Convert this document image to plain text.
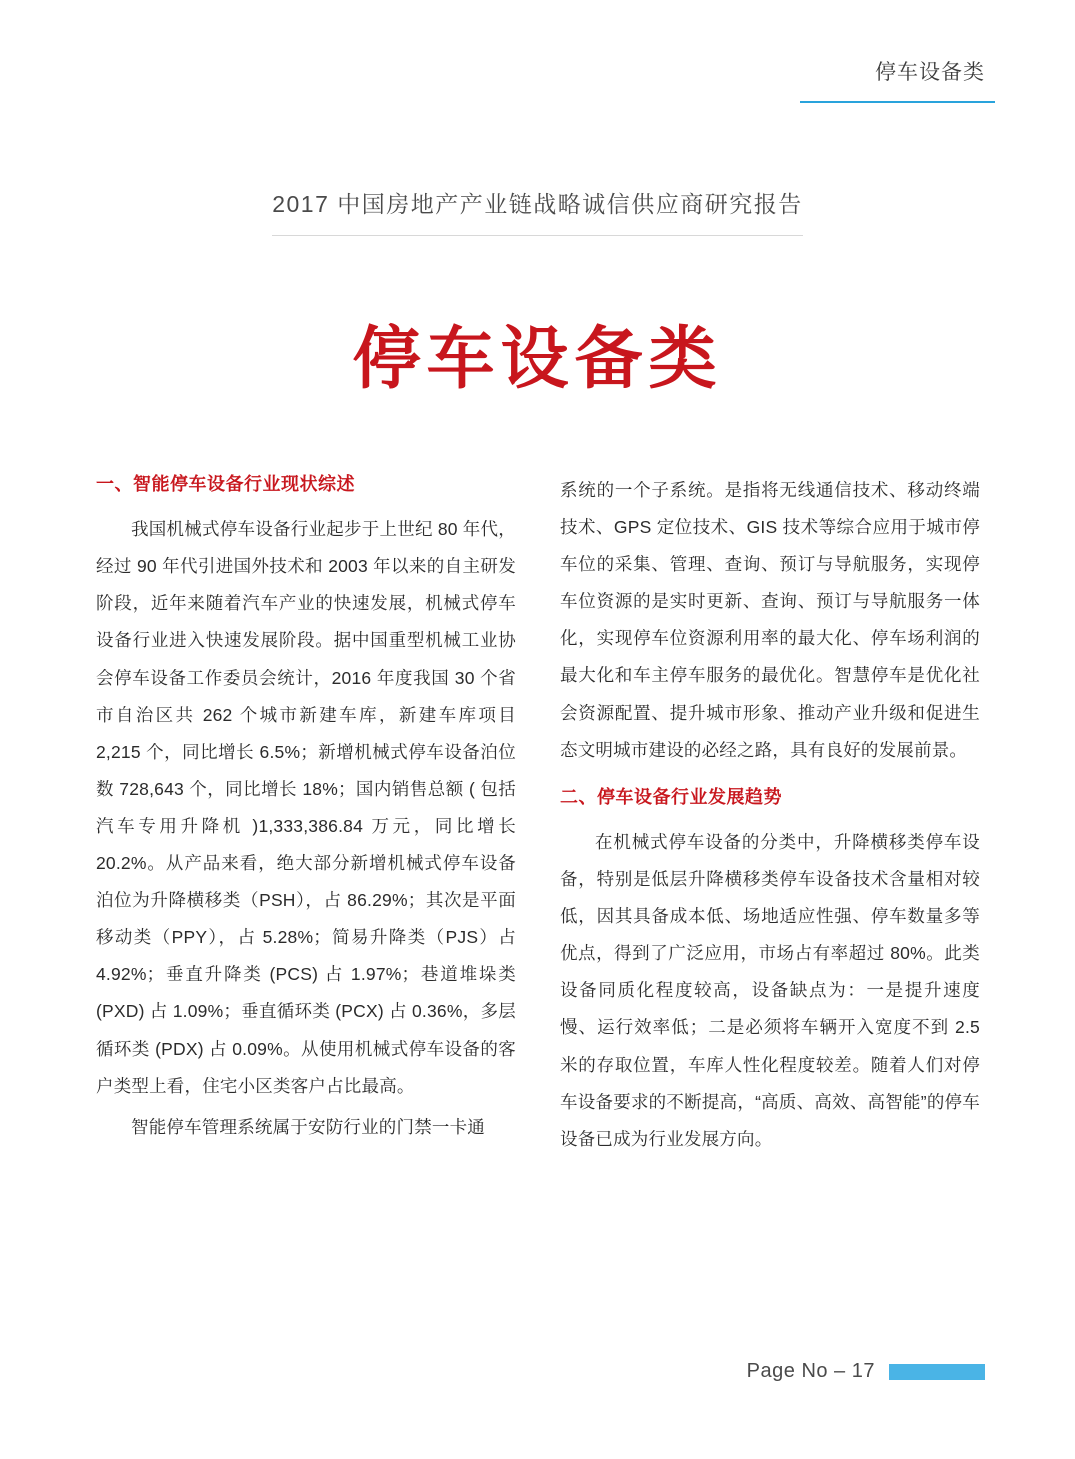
停车设备类
2017 中国房地产产业链战略诚信供应商研究报告
停车设备类
一、智能停车设备行业现状综述

我国机械式停车设备行业起步于上世纪 80 年代，经过 90 年代引进国外技术和 2003 年以来的自主研发阶段，近年来随着汽车产业的快速发展，机械式停车设备行业进入快速发展阶段。据中国重型机械工业协会停车设备工作委员会统计，2016 年度我国 30 个省市自治区共 262 个城市新建车库，新建车库项目 2,215 个，同比增长 6.5%；新增机械式停车设备泊位数 728,643 个，同比增长 18%；国内销售总额 ( 包括汽车专用升降机 )1,333,386.84 万元，同比增长 20.2%。从产品来看，绝大部分新增机械式停车设备泊位为升降横移类（PSH），占 86.29%；其次是平面移动类（PPY），占 5.28%；简易升降类（PJS）占 4.92%；垂直升降类 (PCS) 占 1.97%；巷道堆垛类 (PXD) 占 1.09%；垂直循环类 (PCX) 占 0.36%，多层循环类 (PDX) 占 0.09%。从使用机械式停车设备的客户类型上看，住宅小区类客户占比最高。

智能停车管理系统属于安防行业的门禁一卡通

系统的一个子系统。是指将无线通信技术、移动终端技术、GPS 定位技术、GIS 技术等综合应用于城市停车位的采集、管理、查询、预订与导航服务，实现停车位资源的是实时更新、查询、预订与导航服务一体化，实现停车位资源利用率的最大化、停车场利润的最大化和车主停车服务的最优化。智慧停车是优化社会资源配置、提升城市形象、推动产业升级和促进生态文明城市建设的必经之路，具有良好的发展前景。

二、停车设备行业发展趋势

在机械式停车设备的分类中，升降横移类停车设备，特别是低层升降横移类停车设备技术含量相对较低，因其具备成本低、场地适应性强、停车数量多等优点，得到了广泛应用，市场占有率超过 80%。此类设备同质化程度较高，设备缺点为：一是提升速度慢、运行效率低；二是必须将车辆开入宽度不到 2.5 米的存取位置，车库人性化程度较差。随着人们对停车设备要求的不断提高，“高质、高效、高智能”的停车设备已成为行业发展方向。

Page No – 17
